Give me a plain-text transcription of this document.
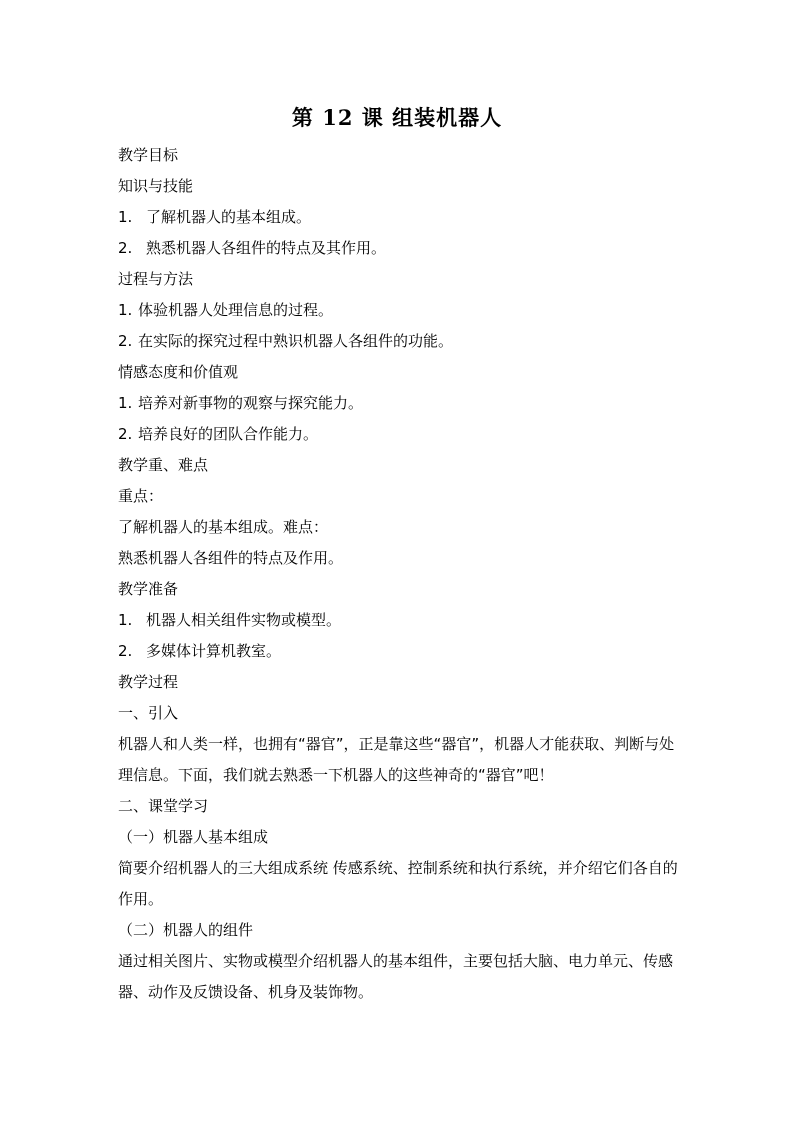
第 12 课 组装机器人
教学目标
知识与技能
1. 了解机器人的基本组成。
2. 熟悉机器人各组件的特点及其作用。
过程与方法
1. 体验机器人处理信息的过程。
2. 在实际的探究过程中熟识机器人各组件的功能。
情感态度和价值观
1. 培养对新事物的观察与探究能力。
2. 培养良好的团队合作能力。
教学重、难点
重点：
了解机器人的基本组成。难点：
熟悉机器人各组件的特点及作用。
教学准备
1. 机器人相关组件实物或模型。
2. 多媒体计算机教室。
教学过程
一、引入
机器人和人类一样，也拥有“器官”，正是靠这些“器官”，机器人才能获取、判断与处理信息。下面，我们就去熟悉一下机器人的这些神奇的“器官”吧！
二、课堂学习
（一）机器人基本组成
简要介绍机器人的三大组成系统 传感系统、控制系统和执行系统，并介绍它们各自的作用。
（二）机器人的组件
通过相关图片、实物或模型介绍机器人的基本组件，主要包括大脑、电力单元、传感器、动作及反馈设备、机身及装饰物。
